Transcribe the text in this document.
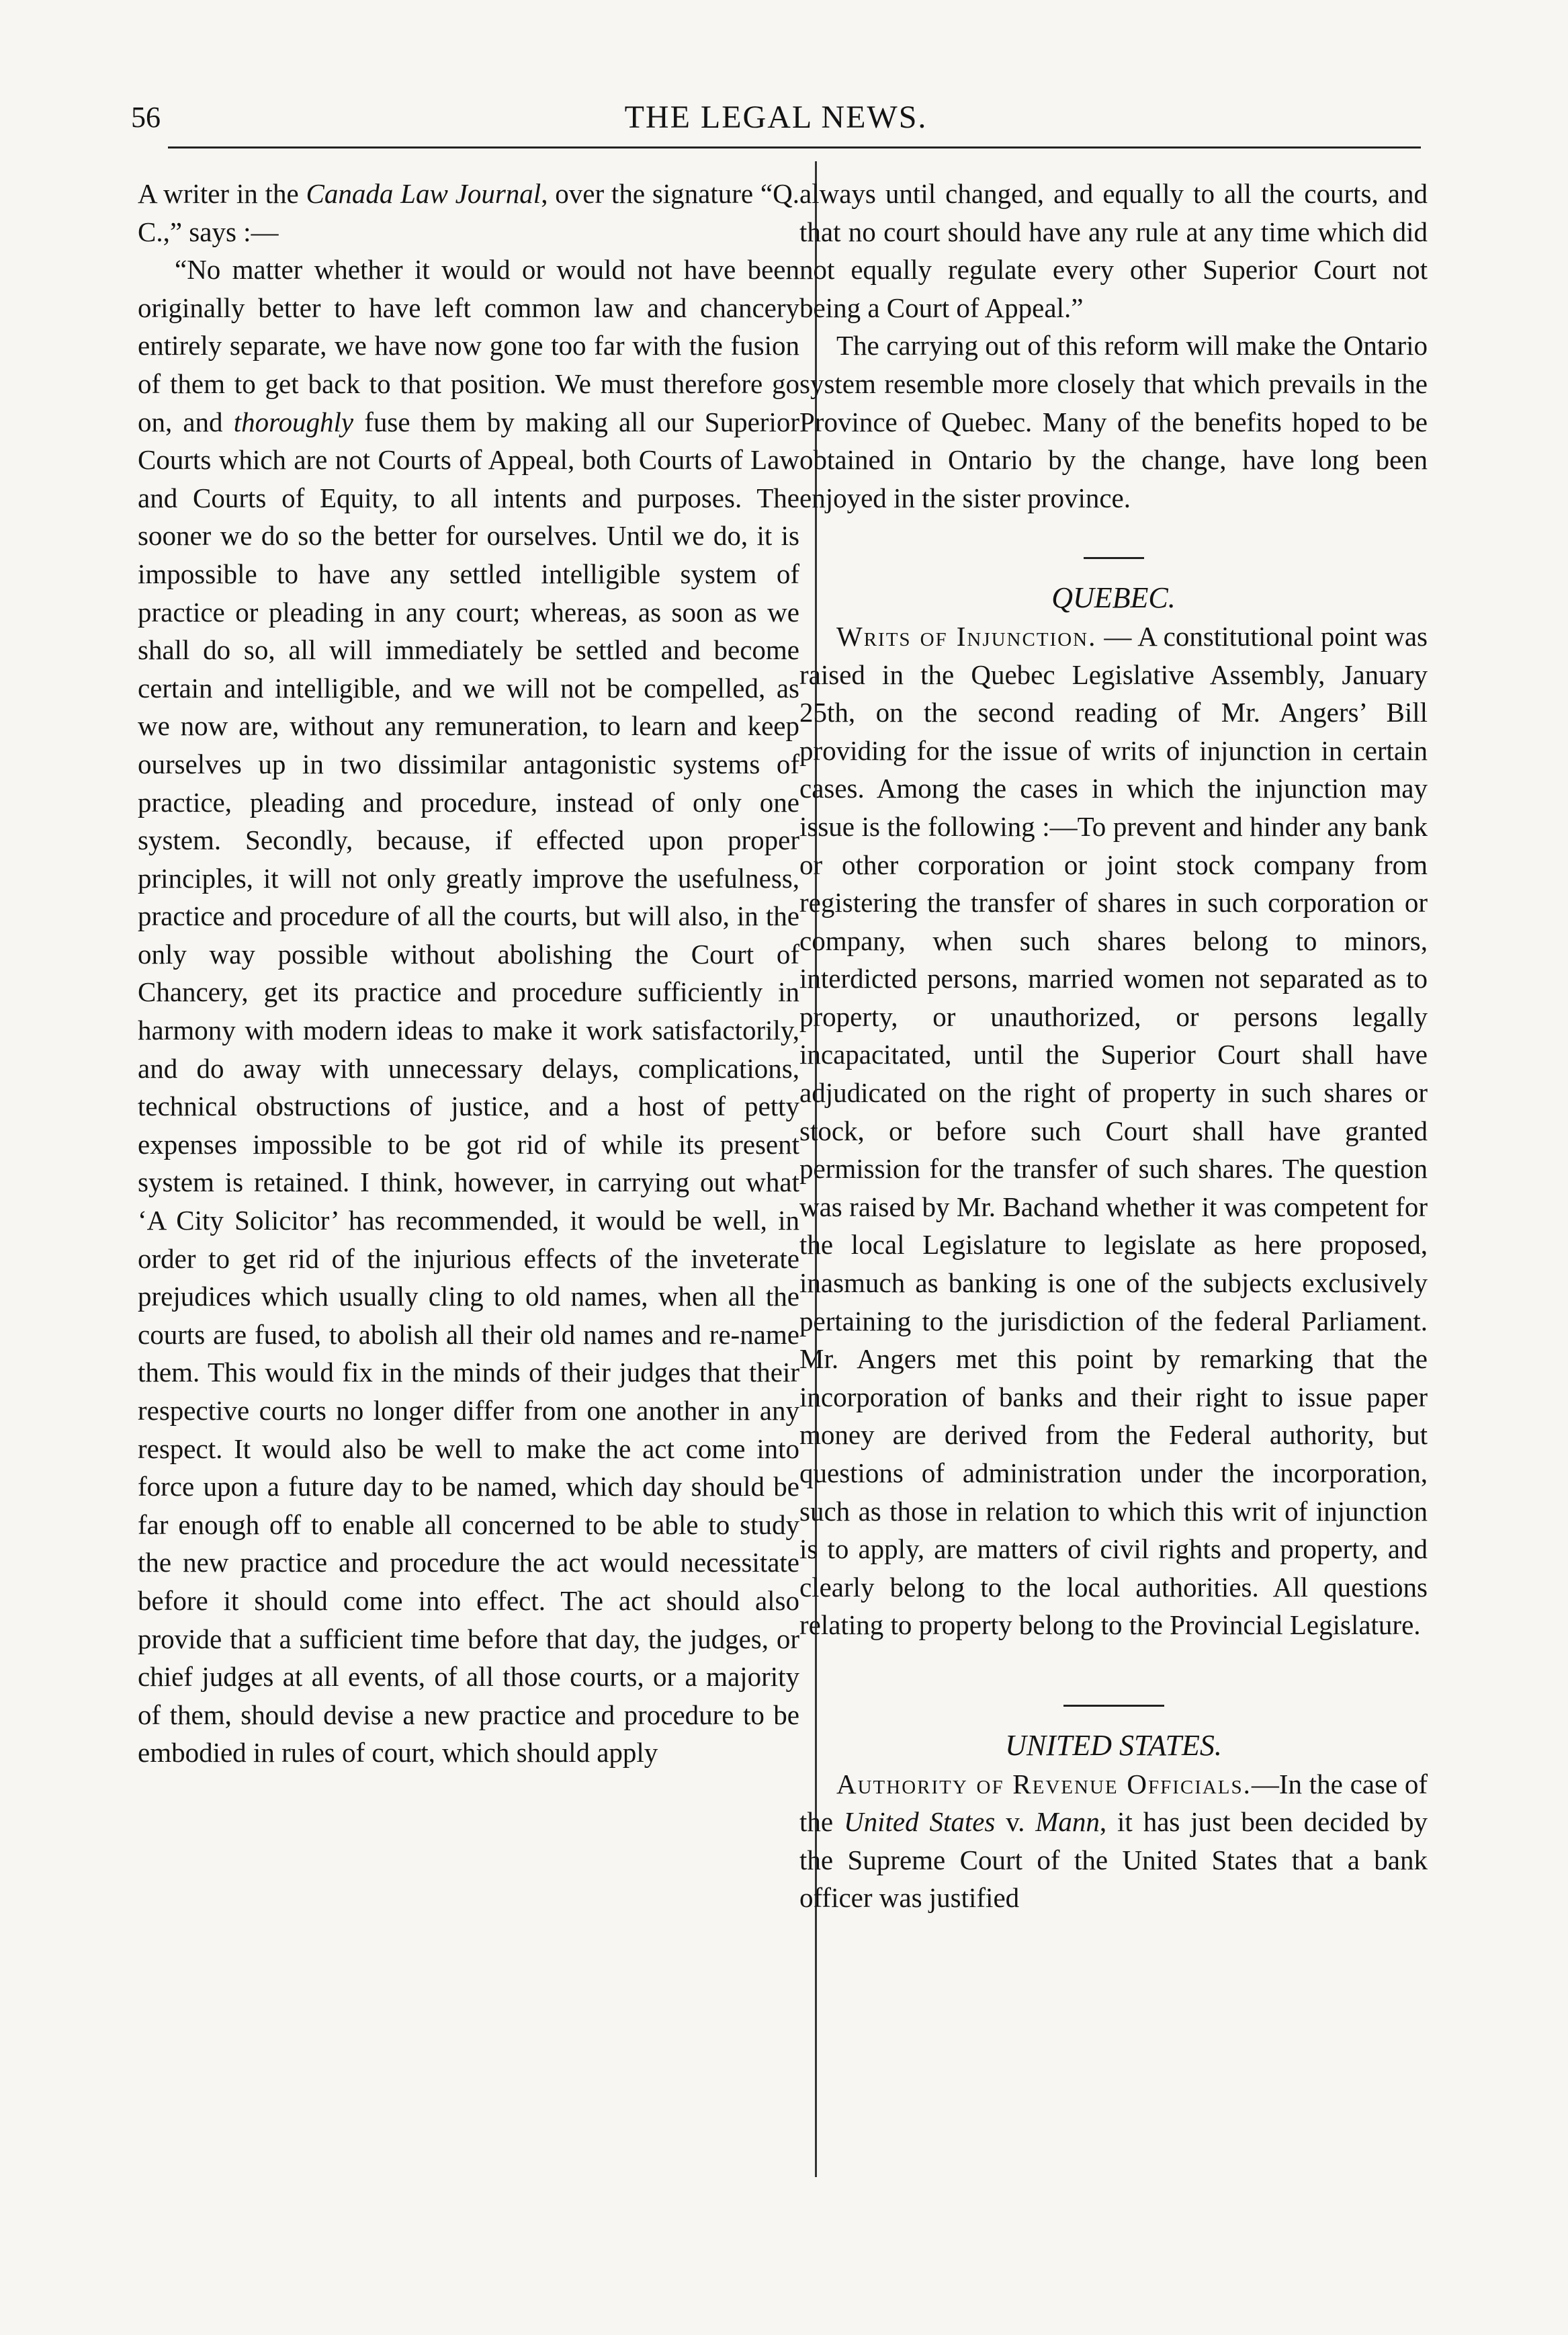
56	THE LEGAL NEWS.

A writer in the Canada Law Journal, over the signature “Q. C.,” says :—

“No matter whether it would or would not have been originally better to have left common law and chancery entirely separate, we have now gone too far with the fusion of them to get back to that position. We must therefore go on, and thoroughly fuse them by making all our Superior Courts which are not Courts of Appeal, both Courts of Law and Courts of Equity, to all intents and purposes. The sooner we do so the better for ourselves. Until we do, it is impossible to have any settled intelligible system of practice or pleading in any court; whereas, as soon as we shall do so, all will immediately be settled and become certain and intelligible, and we will not be compelled, as we now are, without any remuneration, to learn and keep ourselves up in two dissimilar antagonistic systems of practice, pleading and procedure, instead of only one system. Secondly, because, if effected upon proper principles, it will not only greatly improve the usefulness, practice and procedure of all the courts, but will also, in the only way possible without abolishing the Court of Chancery, get its practice and procedure sufficiently in harmony with modern ideas to make it work satisfactorily, and do away with unnecessary delays, complications, technical obstructions of justice, and a host of petty expenses impossible to be got rid of while its present system is retained. I think, however, in carrying out what ‘A City Solicitor’ has recommended, it would be well, in order to get rid of the injurious effects of the inveterate prejudices which usually cling to old names, when all the courts are fused, to abolish all their old names and re-name them. This would fix in the minds of their judges that their respective courts no longer differ from one another in any respect. It would also be well to make the act come into force upon a future day to be named, which day should be far enough off to enable all concerned to be able to study the new practice and procedure the act would necessitate before it should come into effect. The act should also provide that a sufficient time before that day, the judges, or chief judges at all events, of all those courts, or a majority of them, should devise a new practice and procedure to be embodied in rules of court, which should apply

always until changed, and equally to all the courts, and that no court should have any rule at any time which did not equally regulate every other Superior Court not being a Court of Appeal.”

The carrying out of this reform will make the Ontario system resemble more closely that which prevails in the Province of Quebec. Many of the benefits hoped to be obtained in Ontario by the change, have long been enjoyed in the sister province.

QUEBEC.

Writs of Injunction. — A constitutional point was raised in the Quebec Legislative Assembly, January 25th, on the second reading of Mr. Angers’ Bill providing for the issue of writs of injunction in certain cases. Among the cases in which the injunction may issue is the following :—To prevent and hinder any bank or other corporation or joint stock company from registering the transfer of shares in such corporation or company, when such shares belong to minors, interdicted persons, married women not separated as to property, or unauthorized, or persons legally incapacitated, until the Superior Court shall have adjudicated on the right of property in such shares or stock, or before such Court shall have granted permission for the transfer of such shares. The question was raised by Mr. Bachand whether it was competent for the local Legislature to legislate as here proposed, inasmuch as banking is one of the subjects exclusively pertaining to the jurisdiction of the federal Parliament. Mr. Angers met this point by remarking that the incorporation of banks and their right to issue paper money are derived from the Federal authority, but questions of administration under the incorporation, such as those in relation to which this writ of injunction is to apply, are matters of civil rights and property, and clearly belong to the local authorities. All questions relating to property belong to the Provincial Legislature.

UNITED STATES.

Authority of Revenue Officials.—In the case of the United States v. Mann, it has just been decided by the Supreme Court of the United States that a bank officer was justified
